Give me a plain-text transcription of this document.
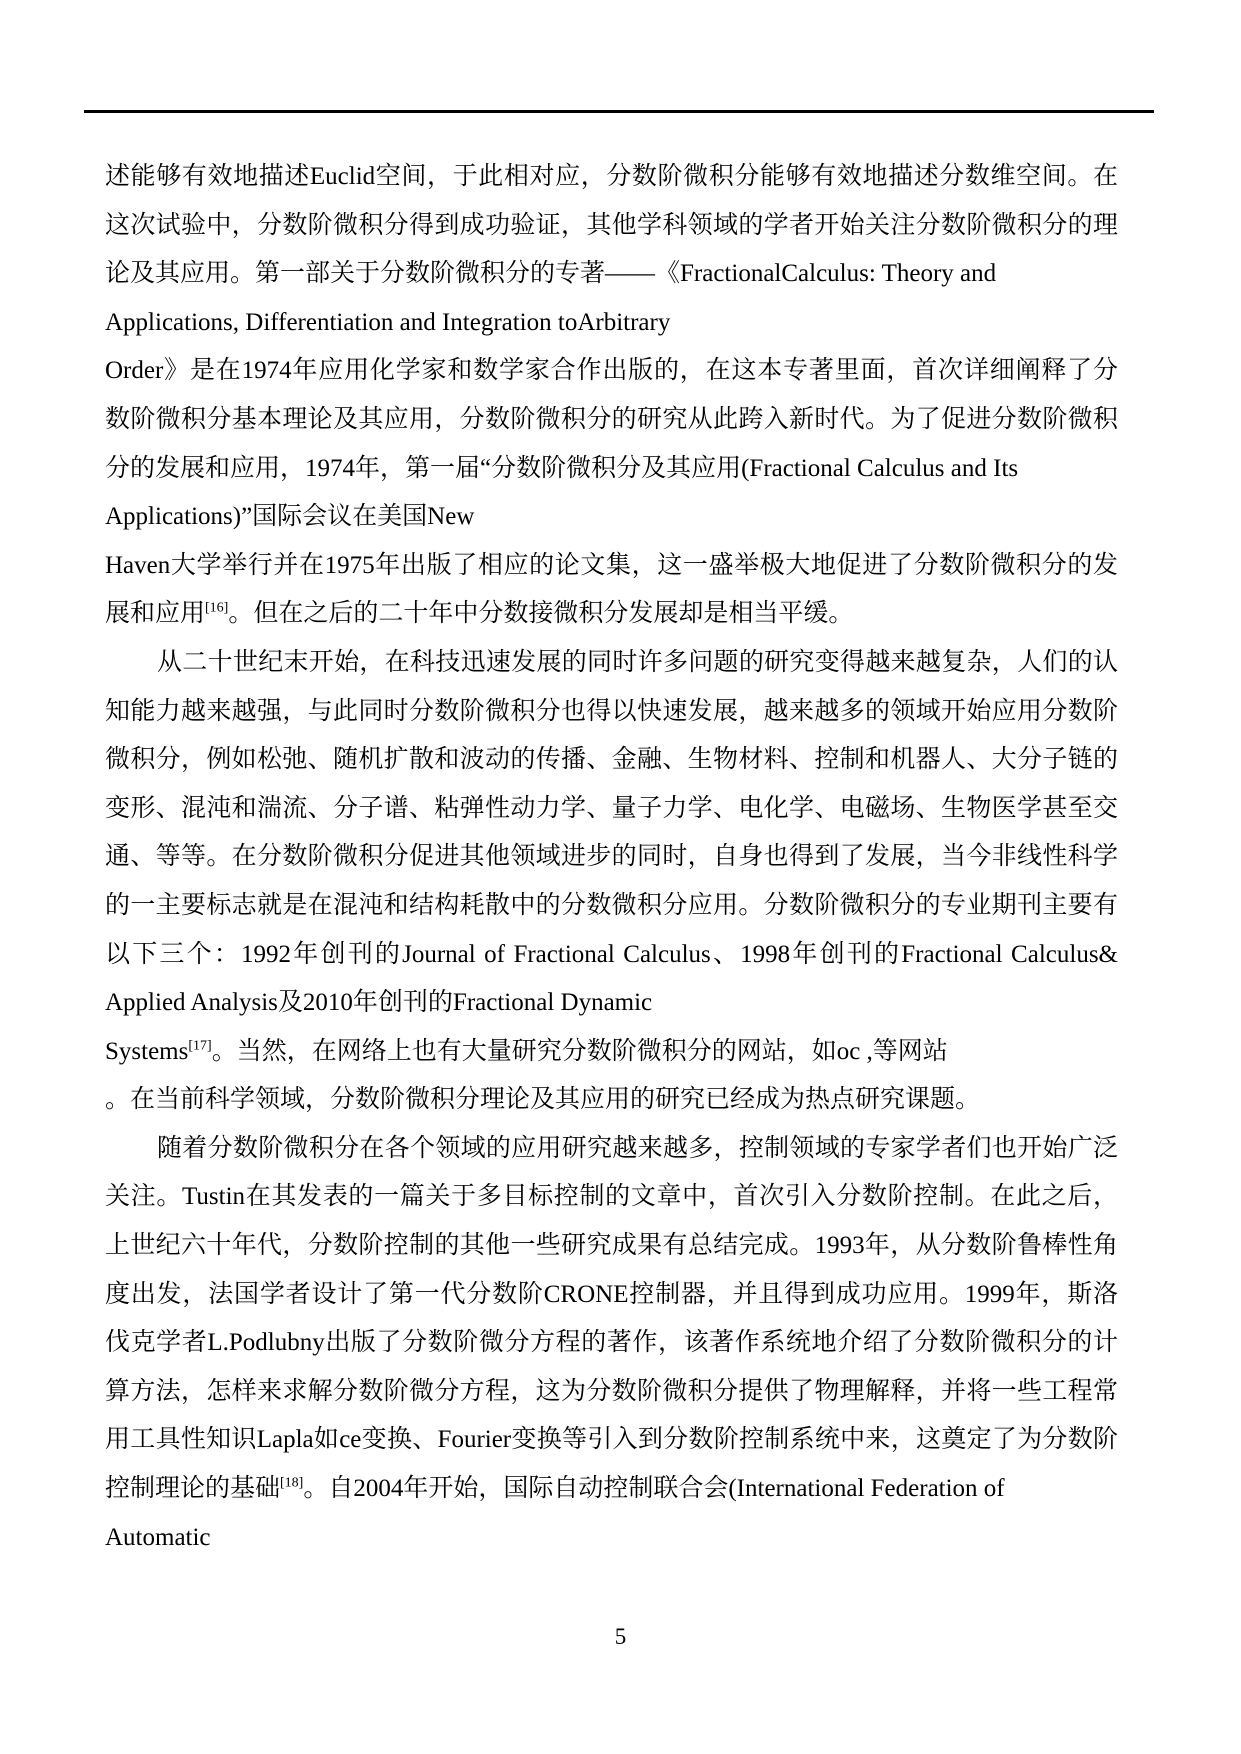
述能够有效地描述Euclid空间，于此相对应，分数阶微积分能够有效地描述分数维空间。在
这次试验中，分数阶微积分得到成功验证，其他学科领域的学者开始关注分数阶微积分的理
论及其应用。第一部关于分数阶微积分的专著——《FractionalCalculus: Theory and
Applications, Differentiation and Integration toArbitrary
Order》是在1974年应用化学家和数学家合作出版的，在这本专著里面，首次详细阐释了分
数阶微积分基本理论及其应用，分数阶微积分的研究从此跨入新时代。为了促进分数阶微积
分的发展和应用，1974年，第一届“分数阶微积分及其应用(Fractional Calculus and Its
Applications)”国际会议在美国New
Haven大学举行并在1975年出版了相应的论文集，这一盛举极大地促进了分数阶微积分的发
展和应用[16]。但在之后的二十年中分数接微积分发展却是相当平缓。
从二十世纪末开始，在科技迅速发展的同时许多问题的研究变得越来越复杂，人们的认
知能力越来越强，与此同时分数阶微积分也得以快速发展，越来越多的领域开始应用分数阶
微积分，例如松弛、随机扩散和波动的传播、金融、生物材料、控制和机器人、大分子链的
变形、混沌和湍流、分子谱、粘弹性动力学、量子力学、电化学、电磁场、生物医学甚至交
通、等等。在分数阶微积分促进其他领域进步的同时，自身也得到了发展，当今非线性科学
的一主要标志就是在混沌和结构耗散中的分数微积分应用。分数阶微积分的专业期刊主要有
以下三个：1992年创刊的Journal of Fractional Calculus、1998年创刊的Fractional Calculus&
Applied Analysis及2010年创刊的Fractional Dynamic
Systems[17]。当然，在网络上也有大量研究分数阶微积分的网站，如oc ,等网站
。在当前科学领域，分数阶微积分理论及其应用的研究已经成为热点研究课题。
随着分数阶微积分在各个领域的应用研究越来越多，控制领域的专家学者们也开始广泛
关注。Tustin在其发表的一篇关于多目标控制的文章中，首次引入分数阶控制。在此之后，
上世纪六十年代，分数阶控制的其他一些研究成果有总结完成。1993年，从分数阶鲁棒性角
度出发，法国学者设计了第一代分数阶CRONE控制器，并且得到成功应用。1999年，斯洛
伐克学者L.Podlubny出版了分数阶微分方程的著作，该著作系统地介绍了分数阶微积分的计
算方法，怎样来求解分数阶微分方程，这为分数阶微积分提供了物理解释，并将一些工程常
用工具性知识Lapla如ce变换、Fourier变换等引入到分数阶控制系统中来，这奠定了为分数阶
控制理论的基础[18]。自2004年开始，国际自动控制联合会(International Federation of
Automatic
5
